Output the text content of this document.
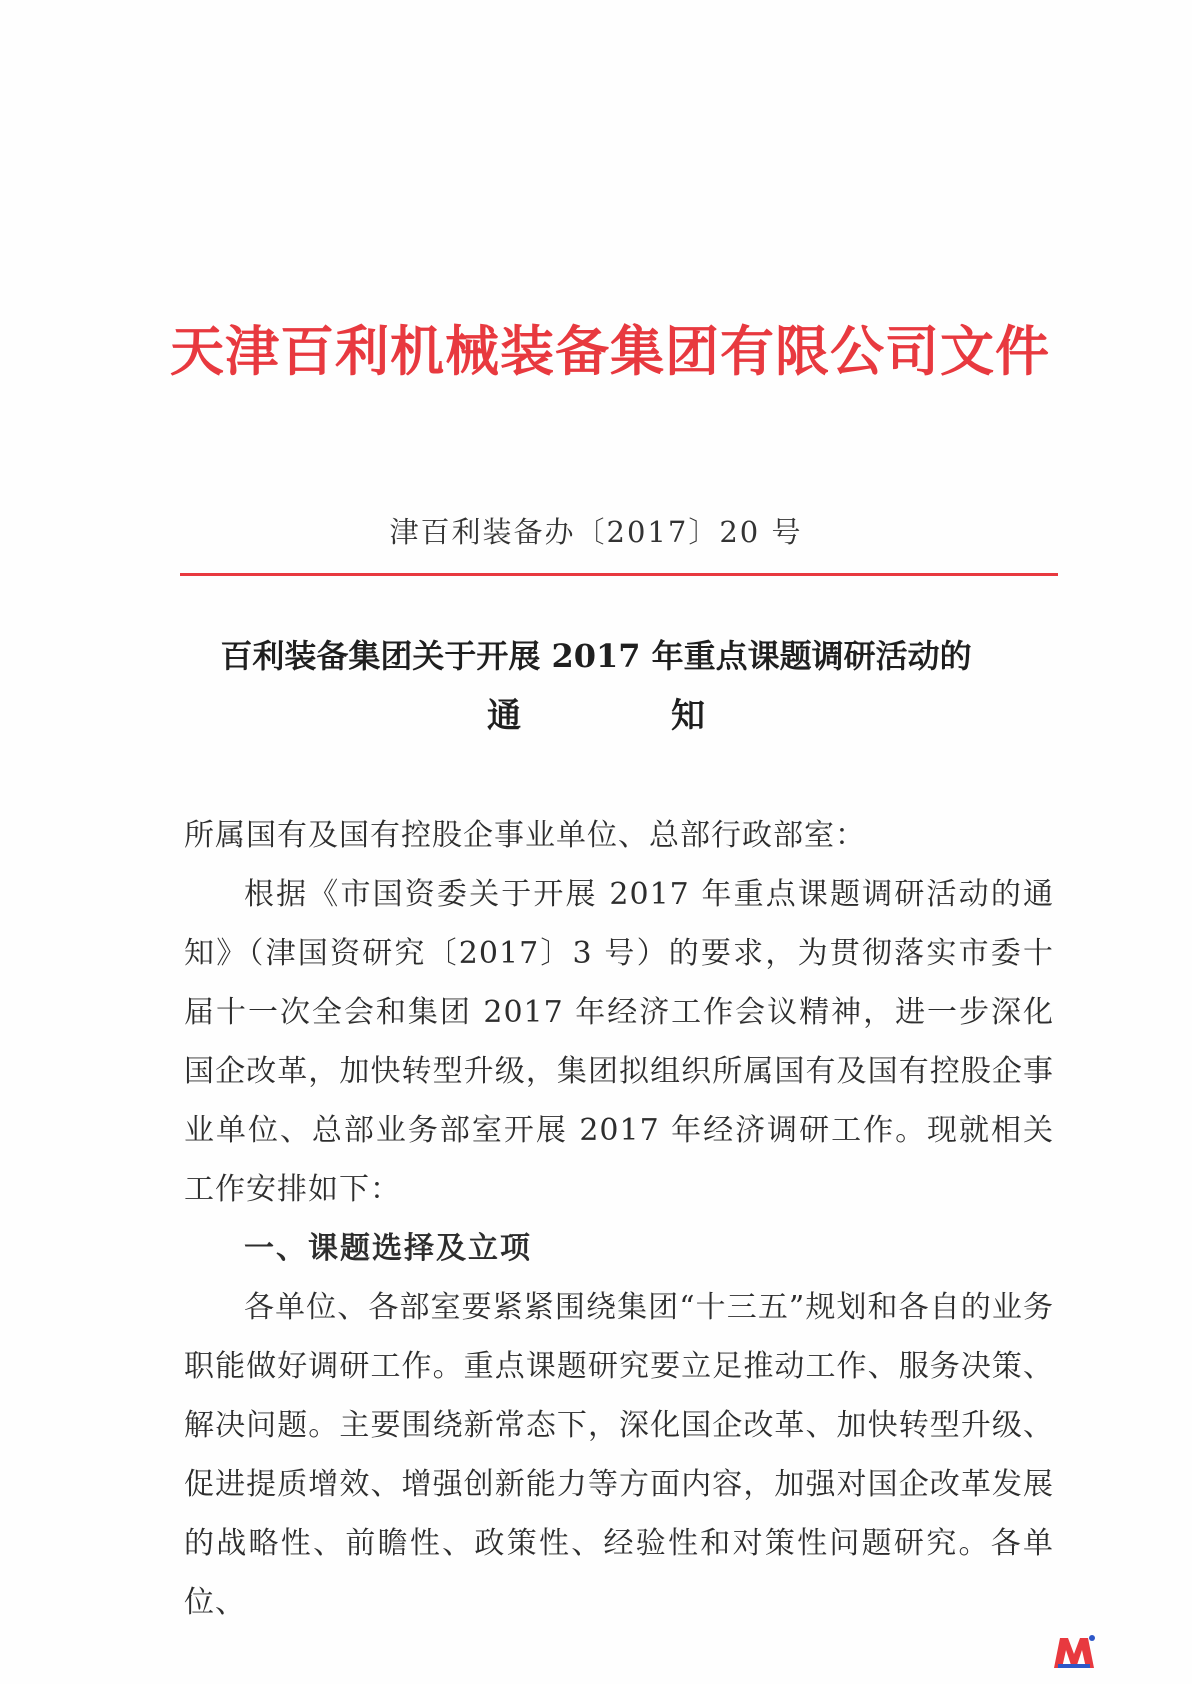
天津百利机械装备集团有限公司文件
津百利装备办〔2017〕20 号
百利装备集团关于开展 2017 年重点课题调研活动的
通知

所属国有及国有控股企事业单位、总部行政部室：

根据《市国资委关于开展 2017 年重点课题调研活动的通知》（津国资研究〔2017〕3 号）的要求，为贯彻落实市委十届十一次全会和集团 2017 年经济工作会议精神，进一步深化国企改革，加快转型升级，集团拟组织所属国有及国有控股企事业单位、总部业务部室开展 2017 年经济调研工作。现就相关工作安排如下：

一、课题选择及立项

各单位、各部室要紧紧围绕集团“十三五”规划和各自的业务职能做好调研工作。重点课题研究要立足推动工作、服务决策、解决问题。主要围绕新常态下，深化国企改革、加快转型升级、促进提质增效、增强创新能力等方面内容，加强对国企改革发展的战略性、前瞻性、政策性、经验性和对策性问题研究。各单位、
